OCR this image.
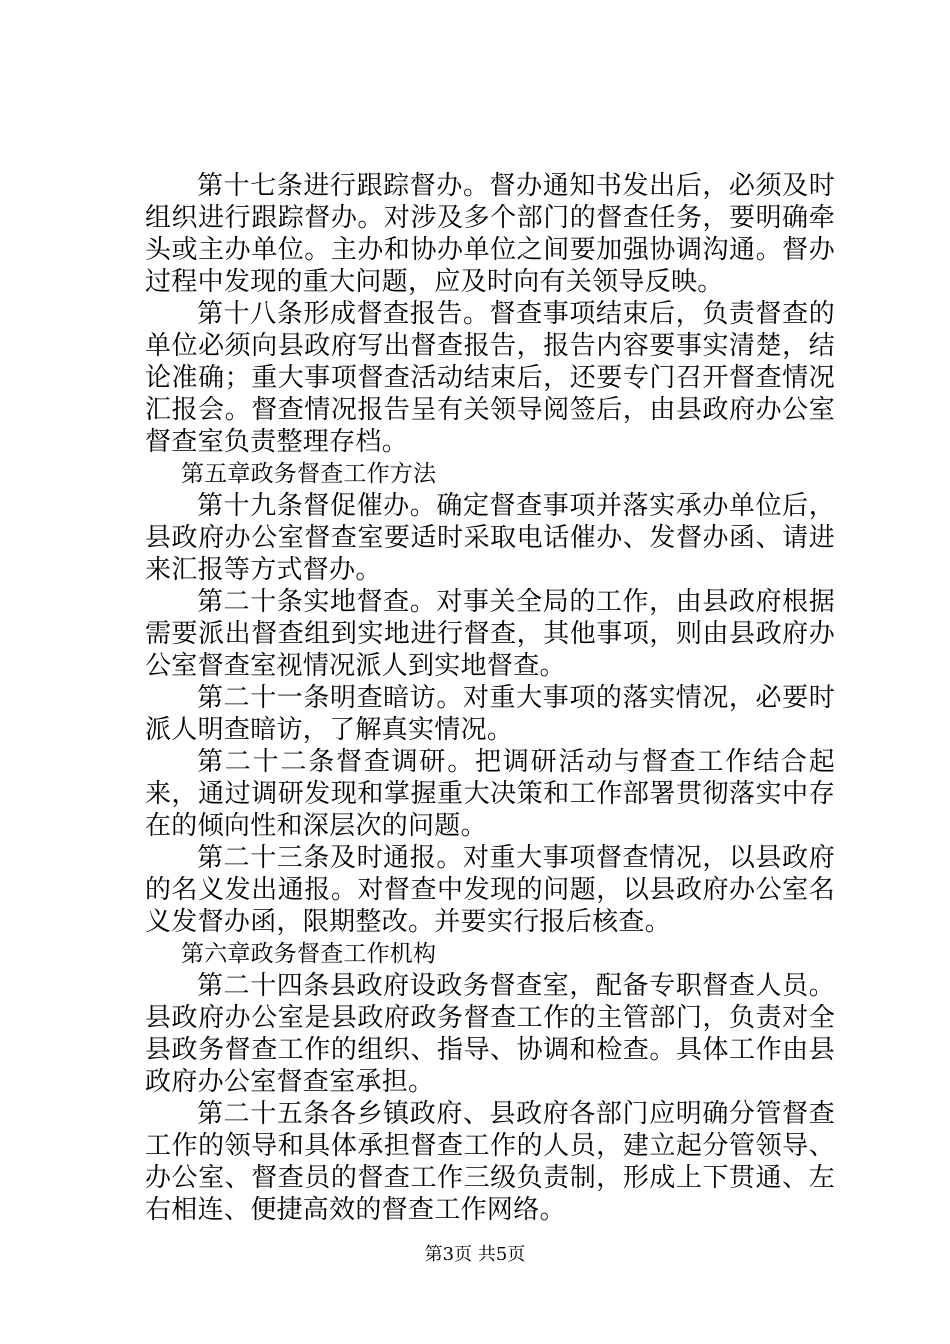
第十七条进行跟踪督办。督办通知书发出后，必须及时组织进行跟踪督办。对涉及多个部门的督查任务，要明确牵头或主办单位。主办和协办单位之间要加强协调沟通。督办过程中发现的重大问题，应及时向有关领导反映。

第十八条形成督查报告。督查事项结束后，负责督查的单位必须向县政府写出督查报告，报告内容要事实清楚，结论准确；重大事项督查活动结束后，还要专门召开督查情况汇报会。督查情况报告呈有关领导阅签后，由县政府办公室督查室负责整理存档。

第五章政务督查工作方法

第十九条督促催办。确定督查事项并落实承办单位后，县政府办公室督查室要适时采取电话催办、发督办函、请进来汇报等方式督办。

第二十条实地督查。对事关全局的工作，由县政府根据需要派出督查组到实地进行督查，其他事项，则由县政府办公室督查室视情况派人到实地督查。

第二十一条明查暗访。对重大事项的落实情况，必要时派人明查暗访，了解真实情况。

第二十二条督查调研。把调研活动与督查工作结合起来，通过调研发现和掌握重大决策和工作部署贯彻落实中存在的倾向性和深层次的问题。

第二十三条及时通报。对重大事项督查情况，以县政府的名义发出通报。对督查中发现的问题，以县政府办公室名义发督办函，限期整改。并要实行报后核查。

第六章政务督查工作机构

第二十四条县政府设政务督查室，配备专职督查人员。县政府办公室是县政府政务督查工作的主管部门，负责对全县政务督查工作的组织、指导、协调和检查。具体工作由县政府办公室督查室承担。

第二十五条各乡镇政府、县政府各部门应明确分管督查工作的领导和具体承担督查工作的人员，建立起分管领导、办公室、督查员的督查工作三级负责制，形成上下贯通、左右相连、便捷高效的督查工作网络。

第3页 共5页
